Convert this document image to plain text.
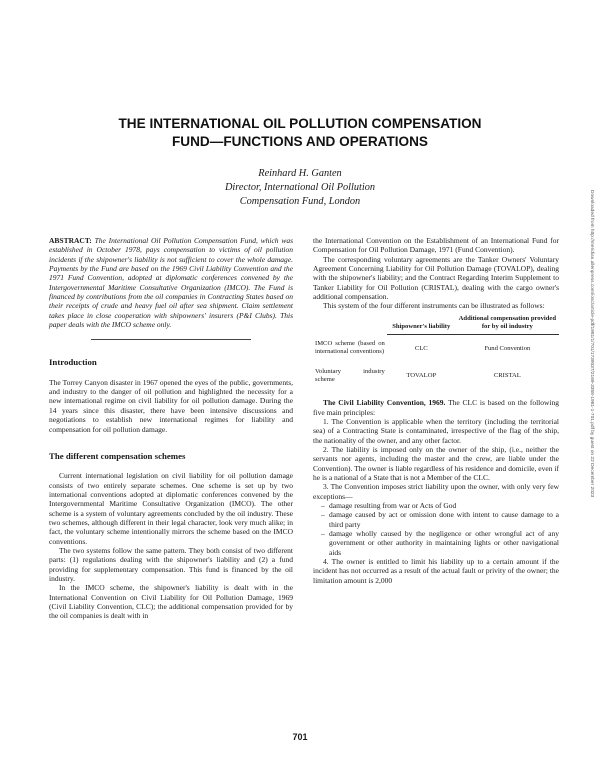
THE INTERNATIONAL OIL POLLUTION COMPENSATION
FUND—FUNCTIONS AND OPERATIONS
Reinhard H. Ganten
Director, International Oil Pollution
Compensation Fund, London

ABSTRACT: The International Oil Pollution Compensation Fund, which was established in October 1978, pays compensation to victims of oil pollution incidents if the shipowner's liability is not sufficient to cover the whole damage. Payments by the Fund are based on the 1969 Civil Liability Convention and the 1971 Fund Convention, adopted at diplomatic conferences convened by the Intergovernmental Maritime Consultative Organization (IMCO). The Fund is financed by contributions from the oil companies in Contracting States based on their receipts of crude and heavy fuel oil after sea shipment. Claim settlement takes place in close cooperation with shipowners' insurers (P&I Clubs). This paper deals with the IMCO scheme only.

Introduction

The Torrey Canyon disaster in 1967 opened the eyes of the public, governments, and industry to the danger of oil pollution and highlighted the necessity for a new international regime on civil liability for oil pollution damage. During the 14 years since this disaster, there have been intensive discussions and negotiations to establish new international regimes for liability and compensation for oil pollution damage.

The different compensation schemes

Current international legislation on civil liability for oil pollution damage consists of two entirely separate schemes. One scheme is set up by two international conventions adopted at diplomatic conferences convened by the Intergovernmental Maritime Consultative Organization (IMCO). The other scheme is a system of voluntary agreements concluded by the oil industry. These two schemes, although different in their legal character, look very much alike; in fact, the voluntary scheme intentionally mirrors the scheme based on the IMCO conventions.

The two systems follow the same pattern. They both consist of two different parts: (1) regulations dealing with the shipowner's liability and (2) a fund providing for supplementary compensation. This fund is financed by the oil industry.

In the IMCO scheme, the shipowner's liability is dealt with in the International Convention on Civil Liability for Oil Pollution Damage, 1969 (Civil Liability Convention, CLC); the additional compensation provided for by the oil companies is dealt with in

the International Convention on the Establishment of an International Fund for Compensation for Oil Pollution Damage, 1971 (Fund Convention).

The corresponding voluntary agreements are the Tanker Owners' Voluntary Agreement Concerning Liability for Oil Pollution Damage (TOVALOP), dealing with the shipowner's liability; and the Contract Regarding Interim Supplement to Tanker Liability for Oil Pollution (CRISTAL), dealing with the cargo owner's additional compensation.

This system of the four different instruments can be illustrated as follows:

	Shipowner's liability	Additional compensation provided for by oil industry
IMCO scheme (based on international conventions)	CLC	Fund Convention
Voluntary industry scheme	TOVALOP	CRISTAL

The Civil Liability Convention, 1969. The CLC is based on the following five main principles:

1. The Convention is applicable when the territory (including the territorial sea) of a Contracting State is contaminated, irrespective of the flag of the ship, the nationality of the owner, and any other factor.

2. The liability is imposed only on the owner of the ship, (i.e., neither the servants nor agents, including the master and the crew, are liable under the Convention). The owner is liable regardless of his residence and domicile, even if he is a national of a State that is not a Member of the CLC.

3. The Convention imposes strict liability upon the owner, with only very few exceptions—

– damage resulting from war or Acts of God
– damage caused by act or omission done with intent to cause damage to a third party
– damage wholly caused by the negligence or other wrongful act of any government or other authority in maintaining lights or other navigational aids

4. The owner is entitled to limit his liability up to a certain amount if the incident has not occurred as a result of the actual fault or privity of the owner; the limitation amount is 2,000

701
Downloaded from http://meridian.allenpress.com/iosc/article-pdf/1981/1/701/1739037/2169-3358-1981-1-701.pdf by guest on 22 December 2023
